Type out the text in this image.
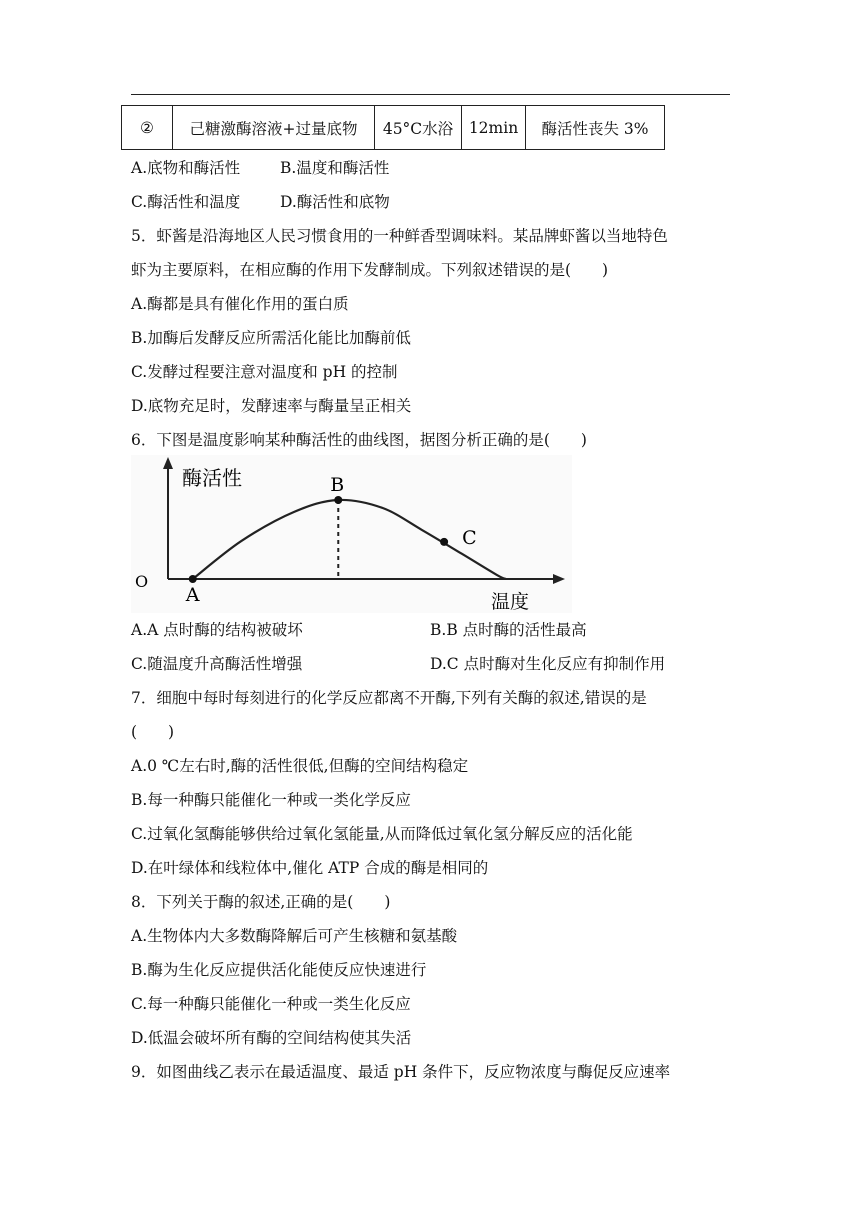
②	己糖激酶溶液+过量底物	45°C水浴	12min	酶活性丧失 3%
A.底物和酶活性	B.温度和酶活性
C.酶活性和温度	D.酶活性和底物
5．虾酱是沿海地区人民习惯食用的一种鲜香型调味料。某品牌虾酱以当地特色
虾为主要原料，在相应酶的作用下发酵制成。下列叙述错误的是(　　)
A.酶都是具有催化作用的蛋白质
B.加酶后发酵反应所需活化能比加酶前低
C.发酵过程要注意对温度和 pH 的控制
D.底物充足时，发酵速率与酶量呈正相关
6．下图是温度影响某种酶活性的曲线图，据图分析正确的是(　　)
A
B
C
O
酶活性
温度
A.A 点时酶的结构被破坏	B.B 点时酶的活性最高
C.随温度升高酶活性增强	D.C 点时酶对生化反应有抑制作用
7．细胞中每时每刻进行的化学反应都离不开酶,下列有关酶的叙述,错误的是
(　　)
A.0 ℃左右时,酶的活性很低,但酶的空间结构稳定
B.每一种酶只能催化一种或一类化学反应
C.过氧化氢酶能够供给过氧化氢能量,从而降低过氧化氢分解反应的活化能
D.在叶绿体和线粒体中,催化 ATP 合成的酶是相同的
8．下列关于酶的叙述,正确的是(　　)
A.生物体内大多数酶降解后可产生核糖和氨基酸
B.酶为生化反应提供活化能使反应快速进行
C.每一种酶只能催化一种或一类生化反应
D.低温会破坏所有酶的空间结构使其失活
9．如图曲线乙表示在最适温度、最适 pH 条件下，反应物浓度与酶促反应速率
